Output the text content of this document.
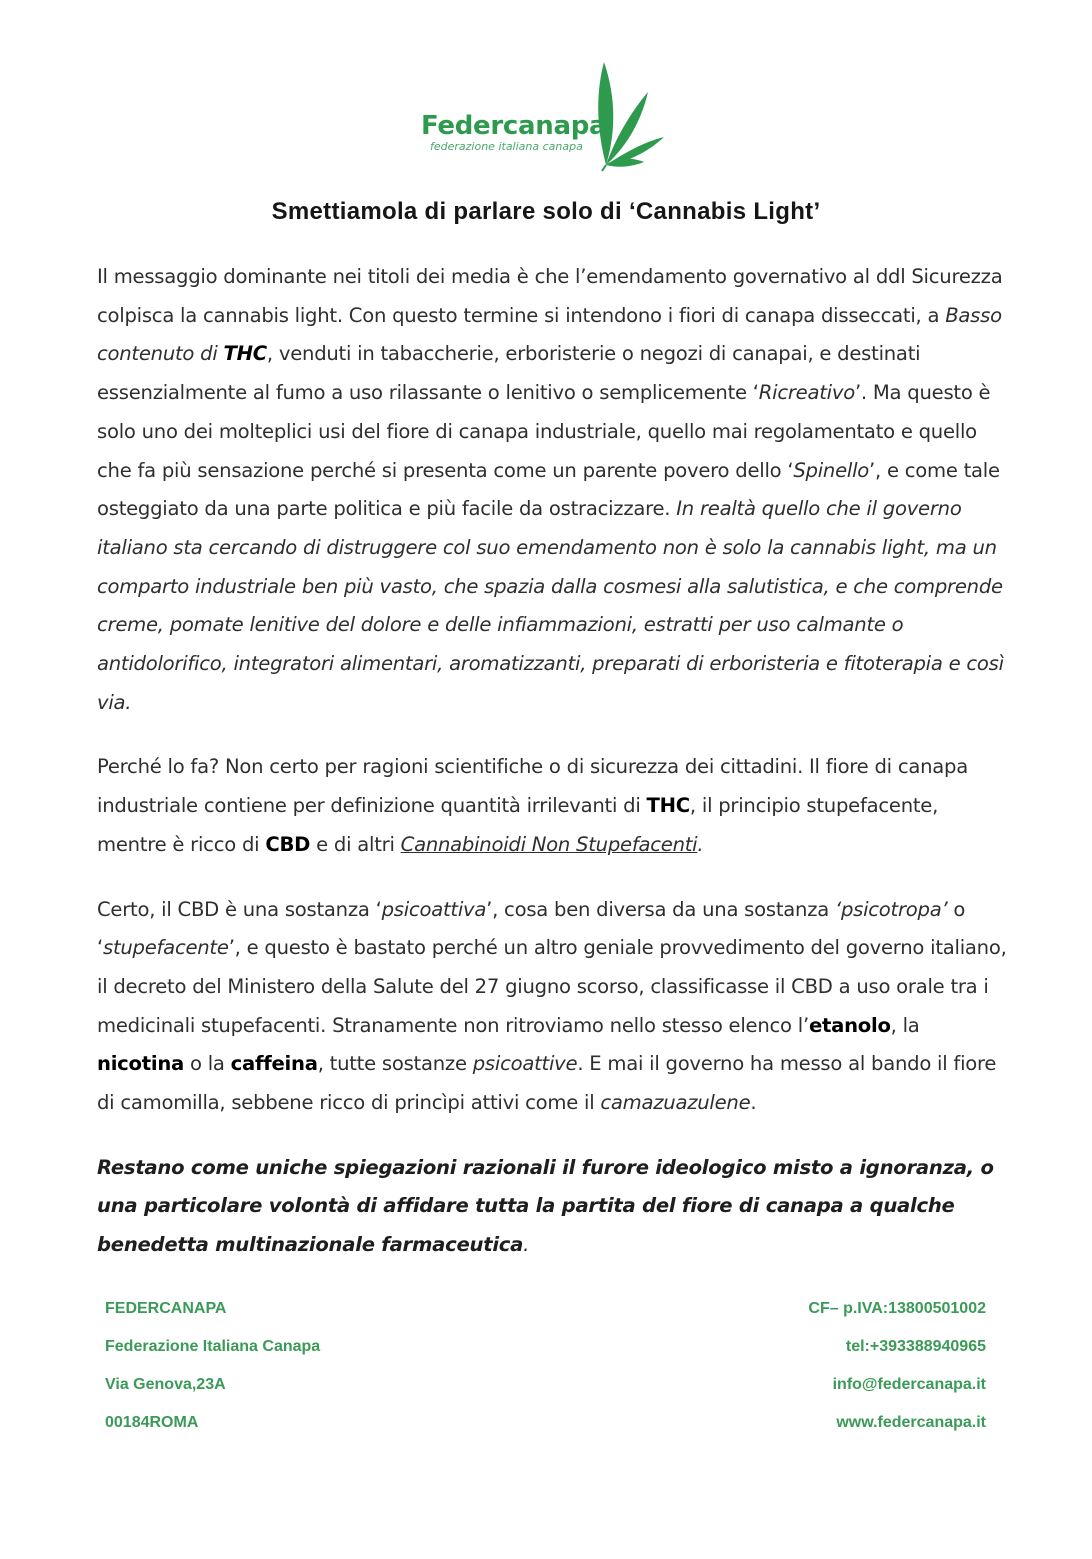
Federcanapa
federazione italiana canapa
Smettiamola di parlare solo di ‘Cannabis Light’

Il messaggio dominante nei titoli dei media è che l’emendamento governativo al ddl Sicurezza colpisca la cannabis light. Con questo termine si intendono i fiori di canapa disseccati, a Basso contenuto di THC, venduti in tabaccherie, erboristerie o negozi di canapai, e destinati essenzialmente al fumo a uso rilassante o lenitivo o semplicemente ‘Ricreativo’. Ma questo è solo uno dei molteplici usi del fiore di canapa industriale, quello mai regolamentato e quello che fa più sensazione perché si presenta come un parente povero dello ‘Spinello’, e come tale osteggiato da una parte politica e più facile da ostracizzare. In realtà quello che il governo italiano sta cercando di distruggere col suo emendamento non è solo la cannabis light, ma un comparto industriale ben più vasto, che spazia dalla cosmesi alla salutistica, e che comprende creme, pomate lenitive del dolore e delle infiammazioni, estratti per uso calmante o antidolorifico, integratori alimentari, aromatizzanti, preparati di erboristeria e fitoterapia e così via.

Perché lo fa? Non certo per ragioni scientifiche o di sicurezza dei cittadini. Il fiore di canapa industriale contiene per definizione quantità irrilevanti di THC, il principio stupefacente, mentre è ricco di CBD e di altri Cannabinoidi Non Stupefacenti.

Certo, il CBD è una sostanza ‘psicoattiva’, cosa ben diversa da una sostanza ‘psicotropa’ o ‘stupefacente’, e questo è bastato perché un altro geniale provvedimento del governo italiano, il decreto del Ministero della Salute del 27 giugno scorso, classificasse il CBD a uso orale tra i medicinali stupefacenti. Stranamente non ritroviamo nello stesso elenco l’etanolo, la nicotina o la caffeina, tutte sostanze psicoattive. E mai il governo ha messo al bando il fiore di camomilla, sebbene ricco di princìpi attivi come il camazuazulene.

Restano come uniche spiegazioni razionali il furore ideologico misto a ignoranza, o una particolare volontà di affidare tutta la partita del fiore di canapa a qualche benedetta multinazionale farmaceutica.

FEDERCANAPA
Federazione Italiana Canapa
Via Genova,23A
00184ROMA
CF– p.IVA:13800501002
tel:+393388940965
info@federcanapa.it
www.federcanapa.it
